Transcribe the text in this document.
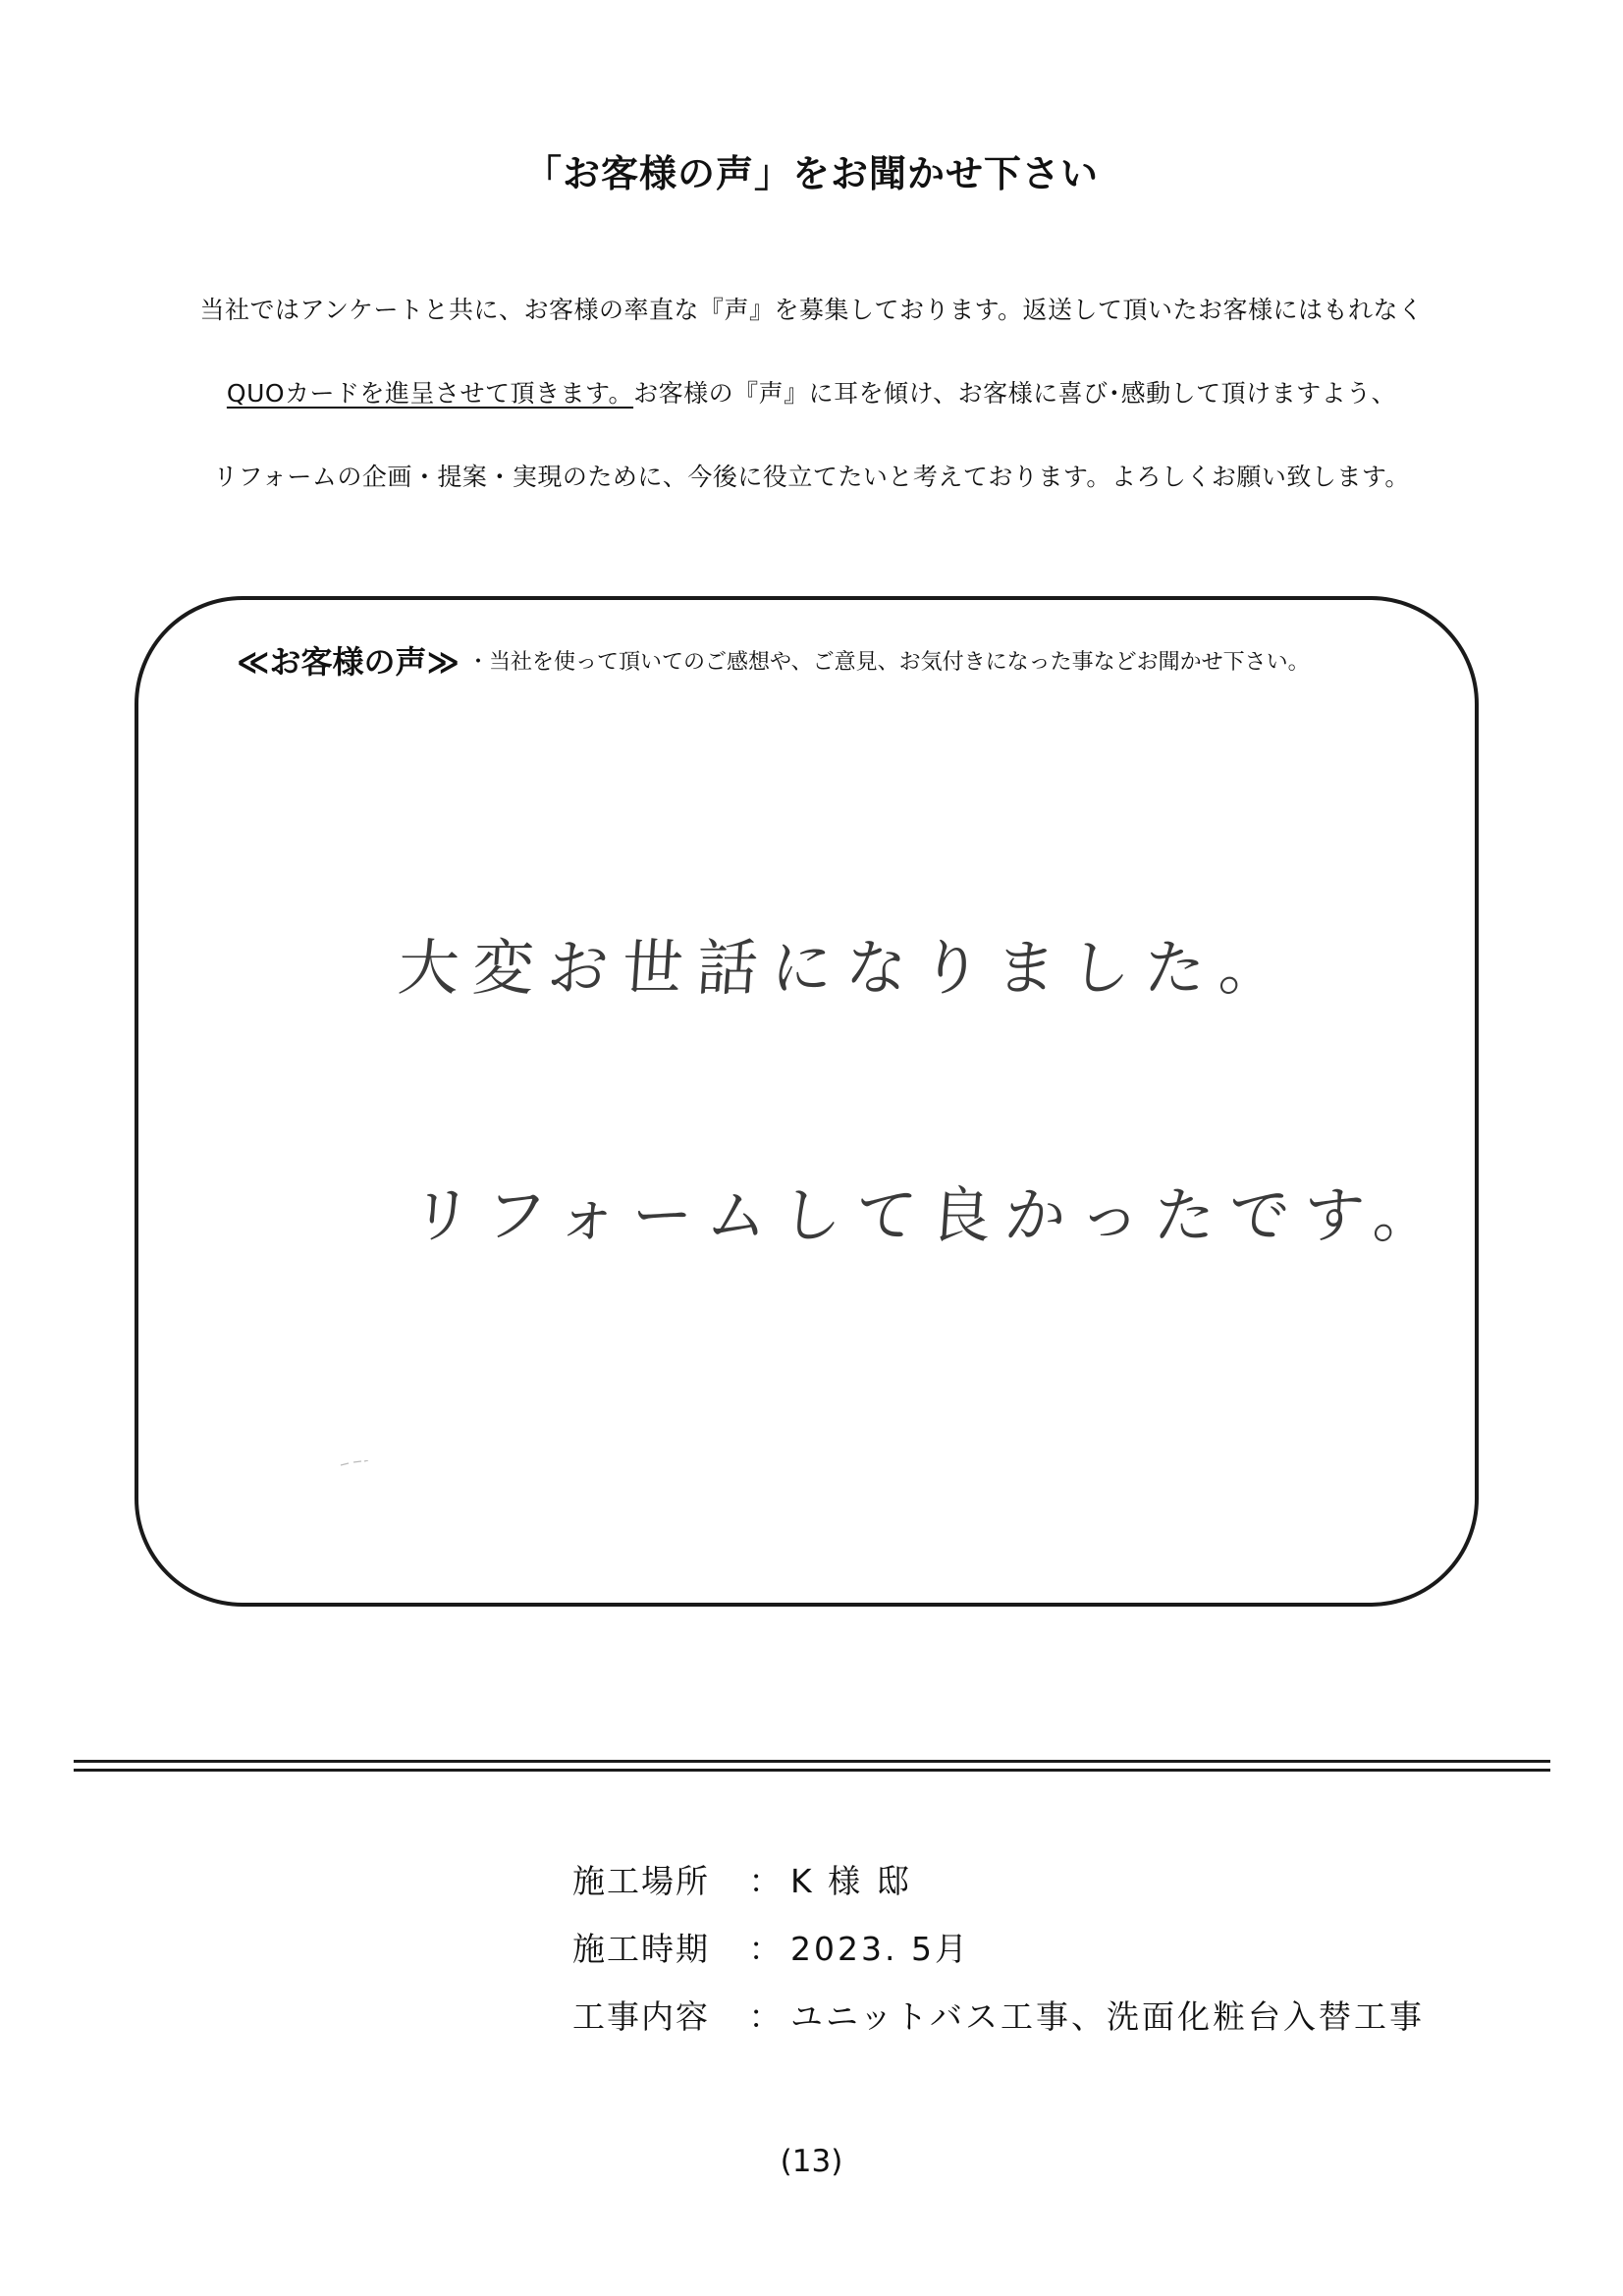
「お客様の声」をお聞かせ下さい
当社ではアンケートと共に、お客様の率直な『声』を募集しております。返送して頂いたお客様にはもれなく
QUOカードを進呈させて頂きます。お客様の『声』に耳を傾け、お客様に喜び･感動して頂けますよう、
リフォームの企画・提案・実現のために、今後に役立てたいと考えております。よろしくお願い致します。
≪お客様の声≫ ・当社を使って頂いてのご感想や、ご意見、お気付きになった事などお聞かせ下さい。
大変お世話になりました。
リフォームして良かったです。
施工場所 ： K 様 邸
施工時期 ： 2023. 5月
工事内容 ： ユニットバス工事、洗面化粧台入替工事
(13)
